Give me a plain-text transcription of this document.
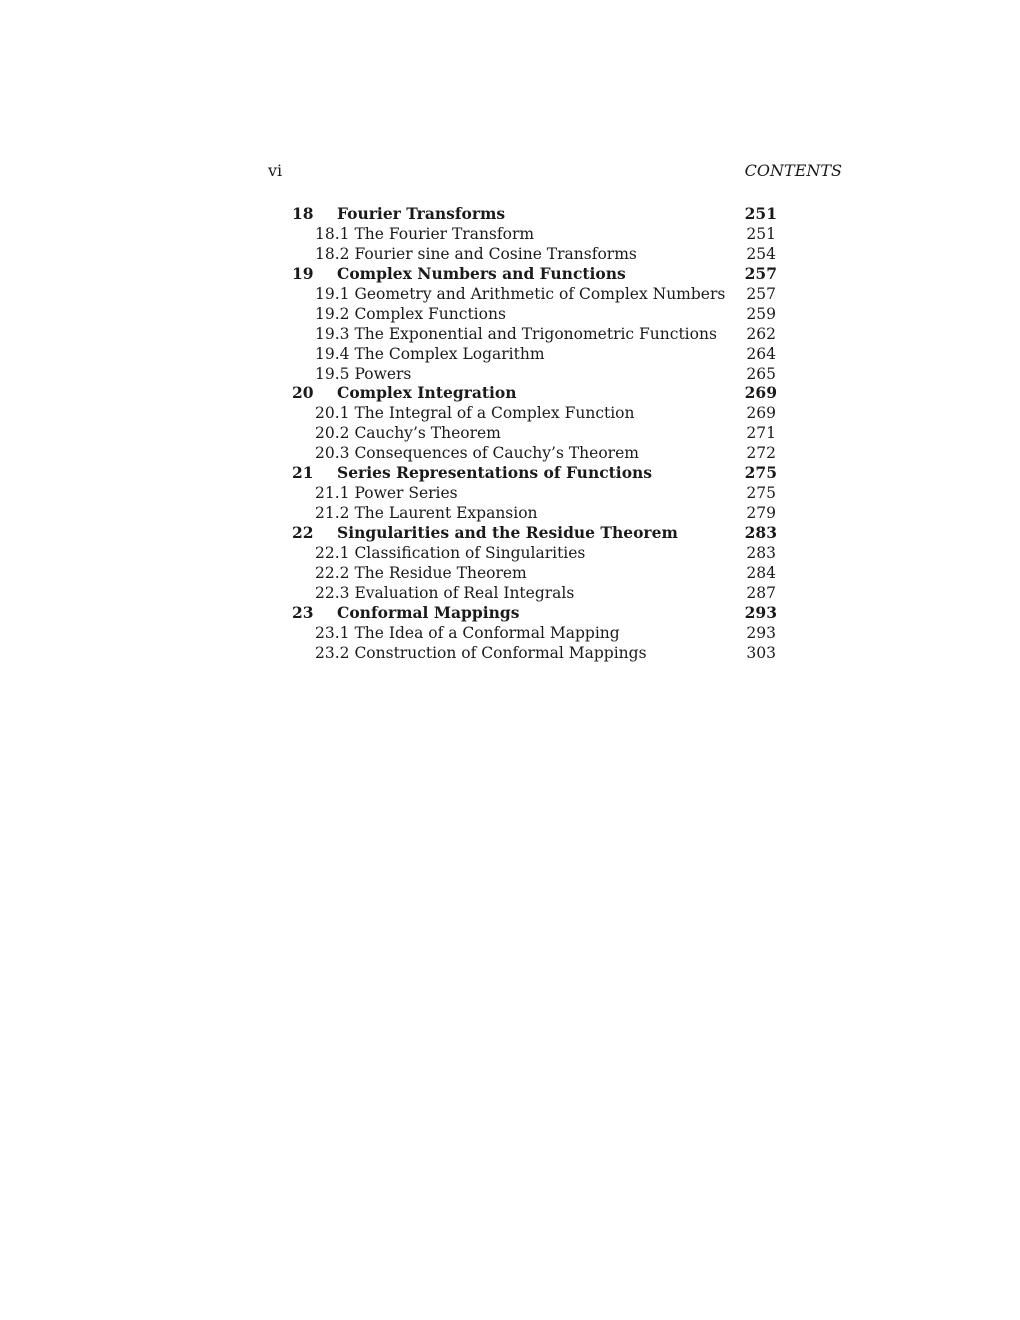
vi	CONTENTS
18 Fourier Transforms	251
18.1 The Fourier Transform	251
18.2 Fourier sine and Cosine Transforms	254
19 Complex Numbers and Functions	257
19.1 Geometry and Arithmetic of Complex Numbers 257
19.2 Complex Functions	259
19.3 The Exponential and Trigonometric Functions 262
19.4 The Complex Logarithm	264
19.5 Powers	265
20 Complex Integration	269
20.1 The Integral of a Complex Function	269
20.2 Cauchy’s Theorem	271
20.3 Consequences of Cauchy’s Theorem	272
21 Series Representations of Functions	275
21.1 Power Series	275
21.2 The Laurent Expansion	279
22 Singularities and the Residue Theorem	283
22.1 Classification of Singularities	283
22.2 The Residue Theorem	284
22.3 Evaluation of Real Integrals	287
23 Conformal Mappings	293
23.1 The Idea of a Conformal Mapping	293
23.2 Construction of Conformal Mappings	303
